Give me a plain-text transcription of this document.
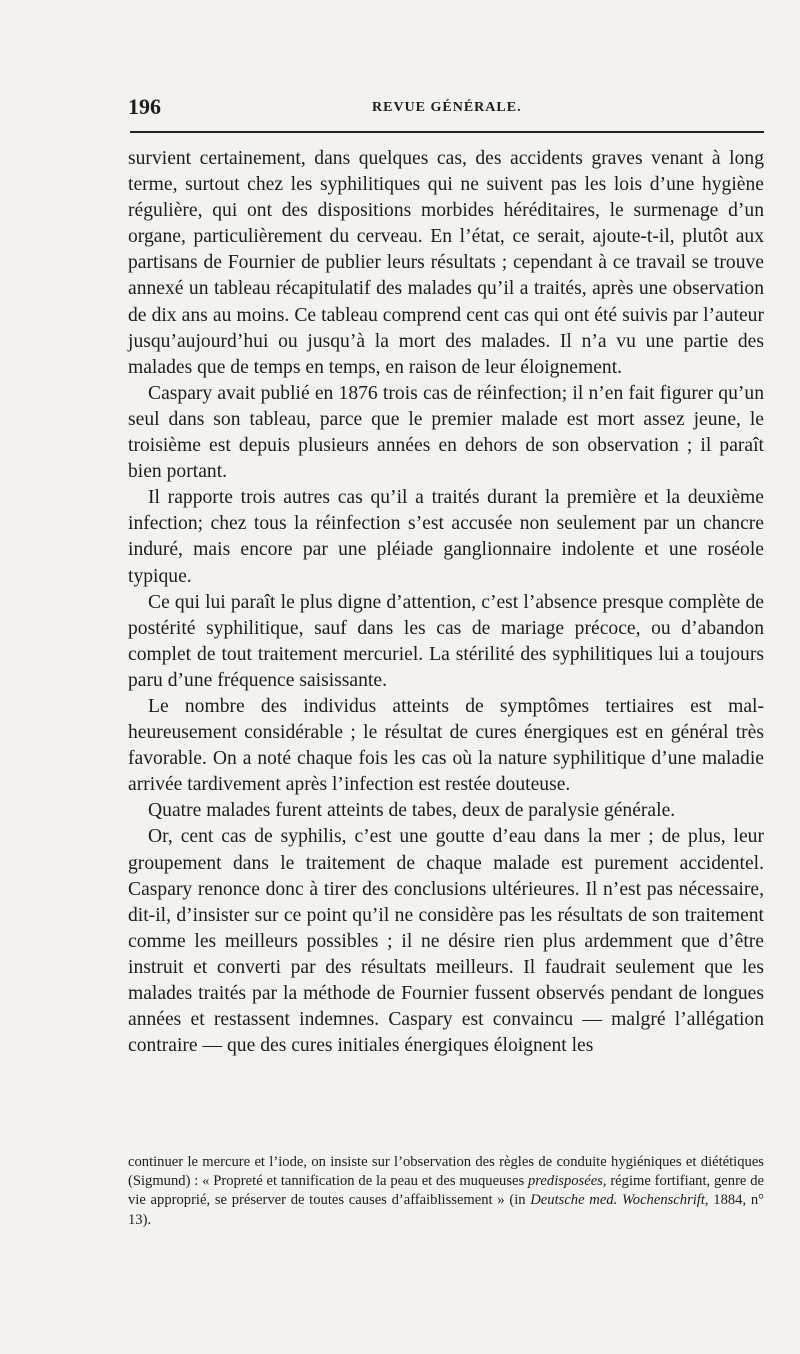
196	REVUE GÉNÉRALE.

survient certainement, dans quelques cas, des accidents graves venant à long terme, surtout chez les syphilitiques qui ne suivent pas les lois d’une hygiène régulière, qui ont des dispositions morbides héréditaires, le surmenage d’un organe, particulièrement du cerveau. En l’état, ce serait, ajoute-t-il, plutôt aux partisans de Fournier de publier leurs résultats ; cependant à ce travail se trouve annexé un tableau récapitulatif des malades qu’il a traités, après une observation de dix ans au moins. Ce tableau comprend cent cas qui ont été suivis par l’auteur jusqu’aujourd’hui ou jusqu’à la mort des malades. Il n’a vu une partie des malades que de temps en temps, en raison de leur éloignement.

Caspary avait publié en 1876 trois cas de réinfection; il n’en fait figurer qu’un seul dans son tableau, parce que le premier malade est mort assez jeune, le troisième est depuis plusieurs années en dehors de son observation ; il paraît bien portant.

Il rapporte trois autres cas qu’il a traités durant la première et la deuxième infection; chez tous la réinfection s’est accusée non seulement par un chancre induré, mais encore par une pléiade ganglionnaire indolente et une roséole typique.

Ce qui lui paraît le plus digne d’attention, c’est l’absence presque complète de postérité syphilitique, sauf dans les cas de mariage précoce, ou d’abandon complet de tout traitement mercuriel. La stérilité des syphilitiques lui a toujours paru d’une fréquence saisissante.

Le nombre des individus atteints de symptômes tertiaires est malheureusement considérable ; le résultat de cures énergiques est en général très favorable. On a noté chaque fois les cas où la nature syphilitique d’une maladie arrivée tardivement après l’infection est restée douteuse.

Quatre malades furent atteints de tabes, deux de paralysie générale.

Or, cent cas de syphilis, c’est une goutte d’eau dans la mer ; de plus, leur groupement dans le traitement de chaque malade est purement accidentel. Caspary renonce donc à tirer des conclusions ultérieures. Il n’est pas nécessaire, dit-il, d’insister sur ce point qu’il ne considère pas les résultats de son traitement comme les meilleurs possibles ; il ne désire rien plus ardemment que d’être instruit et converti par des résultats meilleurs. Il faudrait seulement que les malades traités par la méthode de Fournier fussent observés pendant de longues années et restassent indemnes. Caspary est convaincu — malgré l’allégation contraire — que des cures initiales énergiques éloignent les

continuer le mercure et l’iode, on insiste sur l’observation des règles de conduite hygiéniques et diététiques (Sigmund) : « Propreté et tannification de la peau et des muqueuses predisposées, régime fortifiant, genre de vie approprié, se préserver de toutes causes d’affaiblissement » (in Deutsche med. Wochenschrift, 1884, n° 13).
